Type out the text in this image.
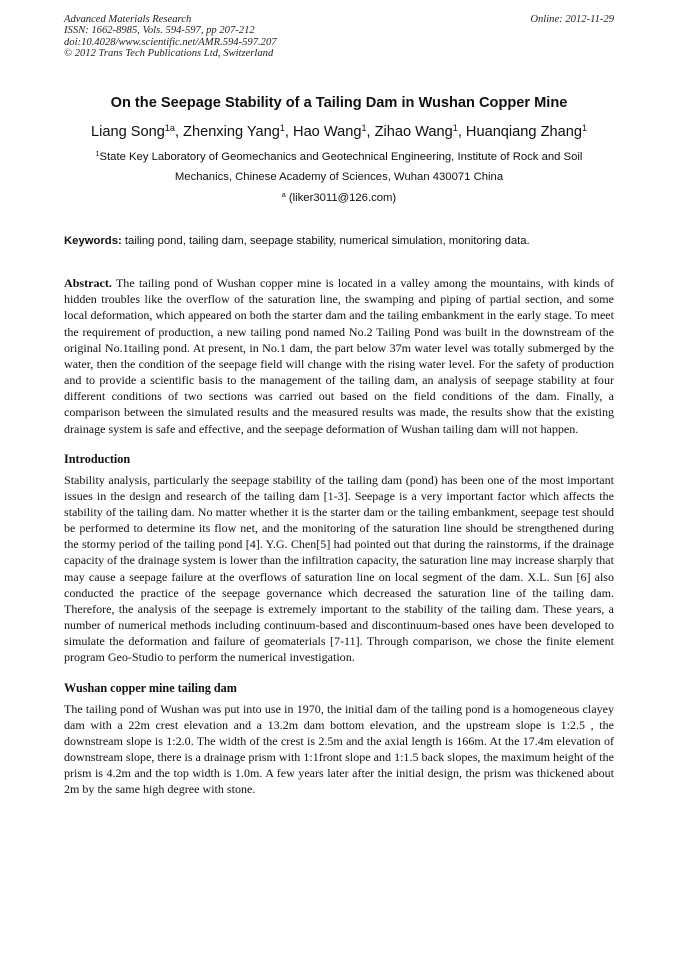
Advanced Materials Research
ISSN: 1662-8985, Vols. 594-597, pp 207-212
doi:10.4028/www.scientific.net/AMR.594-597.207
© 2012 Trans Tech Publications Ltd, Switzerland
Online: 2012-11-29
On the Seepage Stability of a Tailing Dam in Wushan Copper Mine
Liang Song$^{1a}$, Zhenxing Yang$^1$, Hao Wang$^1$, Zihao Wang$^1$, Huanqiang Zhang$^1$
$^1$State Key Laboratory of Geomechanics and Geotechnical Engineering, Institute of Rock and Soil
Mechanics, Chinese Academy of Sciences, Wuhan 430071 China
$^a$ (liker3011@126.com)
Keywords: tailing pond, tailing dam, seepage stability, numerical simulation, monitoring data.
Abstract. The tailing pond of Wushan copper mine is located in a valley among the mountains, with kinds of hidden troubles like the overflow of the saturation line, the swamping and piping of partial section, and some local deformation, which appeared on both the starter dam and the tailing embankment in the early stage. To meet the requirement of production, a new tailing pond named No.2 Tailing Pond was built in the downstream of the original No.1tailing pond. At present, in No.1 dam, the part below 37m water level was totally submerged by the water, then the condition of the seepage field will change with the rising water level. For the safety of production and to provide a scientific basis to the management of the tailing dam, an analysis of seepage stability at four different conditions of two sections was carried out based on the field conditions of the dam. Finally, a comparison between the simulated results and the measured results was made, the results show that the existing drainage system is safe and effective, and the seepage deformation of Wushan tailing dam will not happen.
Introduction
Stability analysis, particularly the seepage stability of the tailing dam (pond) has been one of the most important issues in the design and research of the tailing dam [1-3]. Seepage is a very important factor which affects the stability of the tailing dam. No matter whether it is the starter dam or the tailing embankment, seepage test should be performed to determine its flow net, and the monitoring of the saturation line should be strengthened during the stormy period of the tailing pond [4]. Y.G. Chen[5] had pointed out that during the rainstorms, if the drainage capacity of the drainage system is lower than the infiltration capacity, the saturation line may increase sharply that may cause a seepage failure at the overflows of saturation line on local segment of the dam. X.L. Sun [6] also conducted the practice of the seepage governance which decreased the saturation line of the tailing dam. Therefore, the analysis of the seepage is extremely important to the stability of the tailing dam. These years, a number of numerical methods including continuum-based and discontinuum-based ones have been developed to simulate the deformation and failure of geomaterials [7-11]. Through comparison, we chose the finite element program Geo-Studio to perform the numerical investigation.
Wushan copper mine tailing dam
The tailing pond of Wushan was put into use in 1970, the initial dam of the tailing pond is a homogeneous clayey dam with a 22m crest elevation and a 13.2m dam bottom elevation, and the upstream slope is 1:2.5 , the downstream slope is 1:2.0. The width of the crest is 2.5m and the axial length is 166m. At the 17.4m elevation of downstream slope, there is a drainage prism with 1:1front slope and 1:1.5 back slopes, the maximum height of the prism is 4.2m and the top width is 1.0m. A few years later after the initial design, the prism was thickened about 2m by the same high degree with stone.
